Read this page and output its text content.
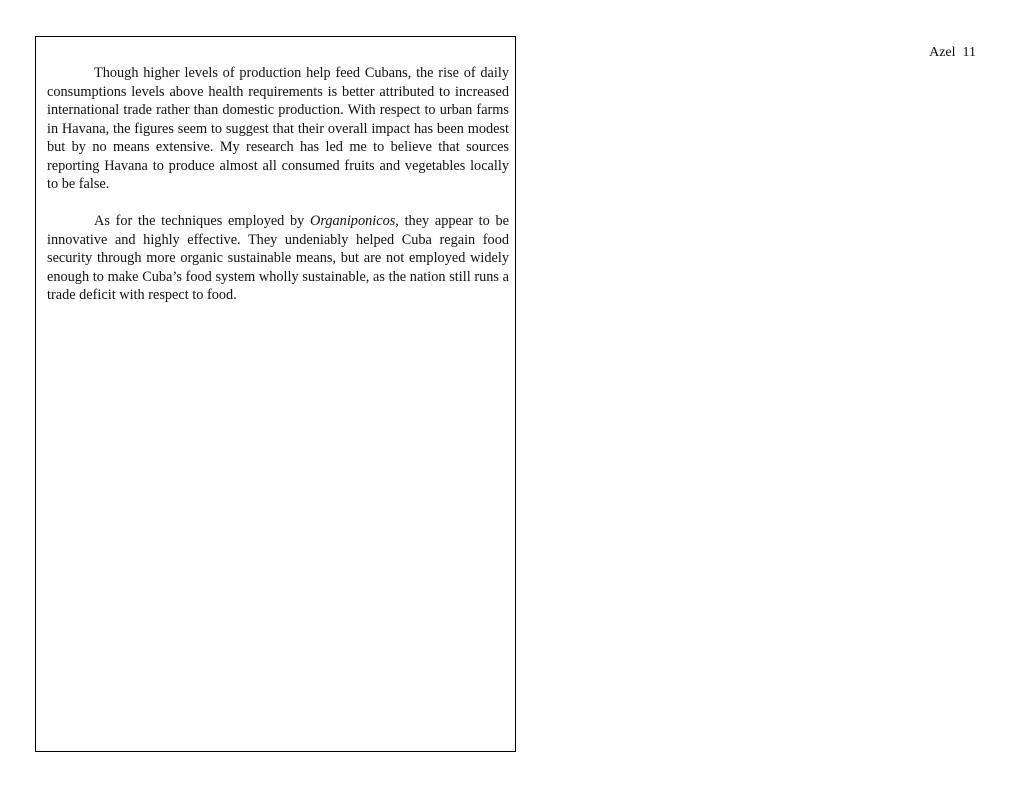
Azel  11

Though higher levels of production help feed Cubans, the rise of daily consumptions levels above health requirements is better attributed to increased international trade rather than domestic production. With respect to urban farms in Havana, the figures seem to suggest that their overall impact has been modest but by no means extensive. My research has led me to believe that sources reporting Havana to produce almost all consumed fruits and vegetables locally to be false.

As for the techniques employed by Organiponicos, they appear to be innovative and highly effective. They undeniably helped Cuba regain food security through more organic sustainable means, but are not employed widely enough to make Cuba’s food system wholly sustainable, as the nation still runs a trade deficit with respect to food.
